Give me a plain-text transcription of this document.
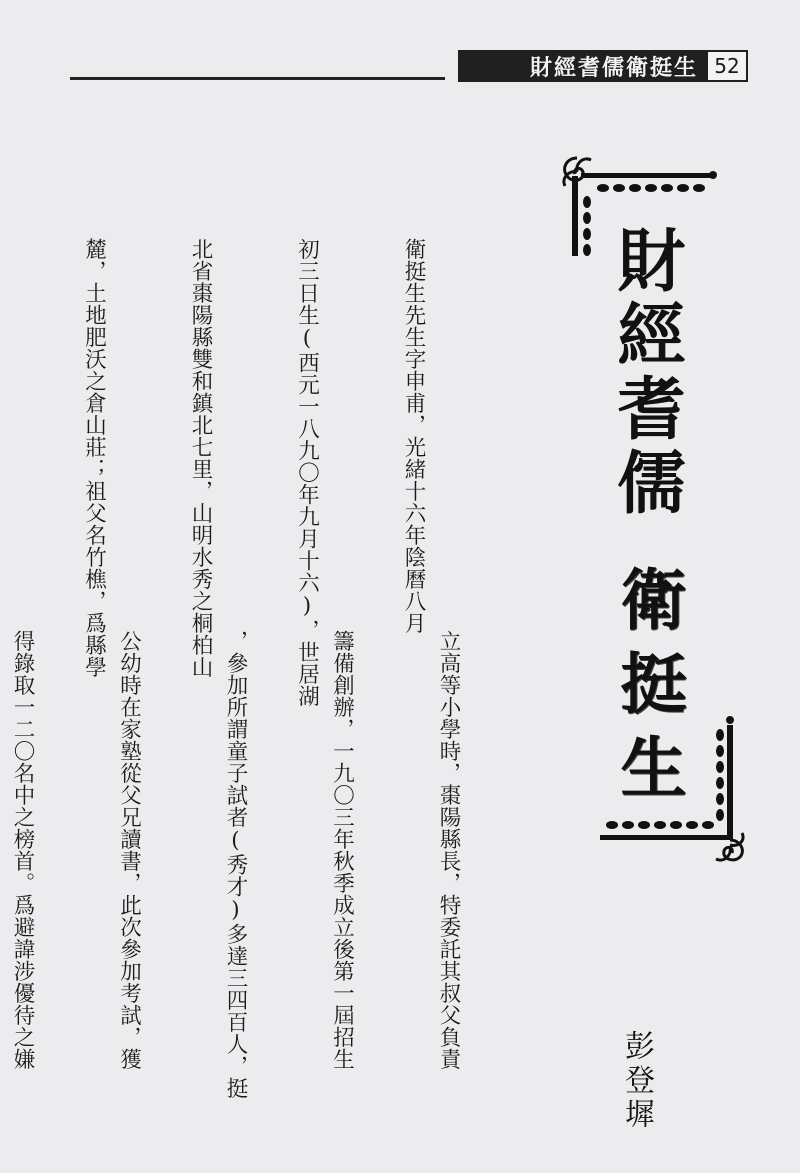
財經耆儒衛挺生 52
財經耆儒
衛挺生
彭登墀

衛挺生先生字申甫，光緒十六年陰曆八月

初三日生(西元一八九〇年九月十六)，世居湖

北省棗陽縣雙和鎮北七里，山明水秀之桐柏山

麓，土地肥沃之倉山莊；祖父名竹樵，爲縣學

立高等小學時，棗陽縣長，特委託其叔父負責

籌備創辦，一九〇三年秋季成立後第一屆招生

，參加所謂童子試者(秀才)多達三四百人，挺

公幼時在家塾從父兄讀書，此次參加考試，獲

得錄取一二〇名中之榜首。爲避諱涉優待之嫌
